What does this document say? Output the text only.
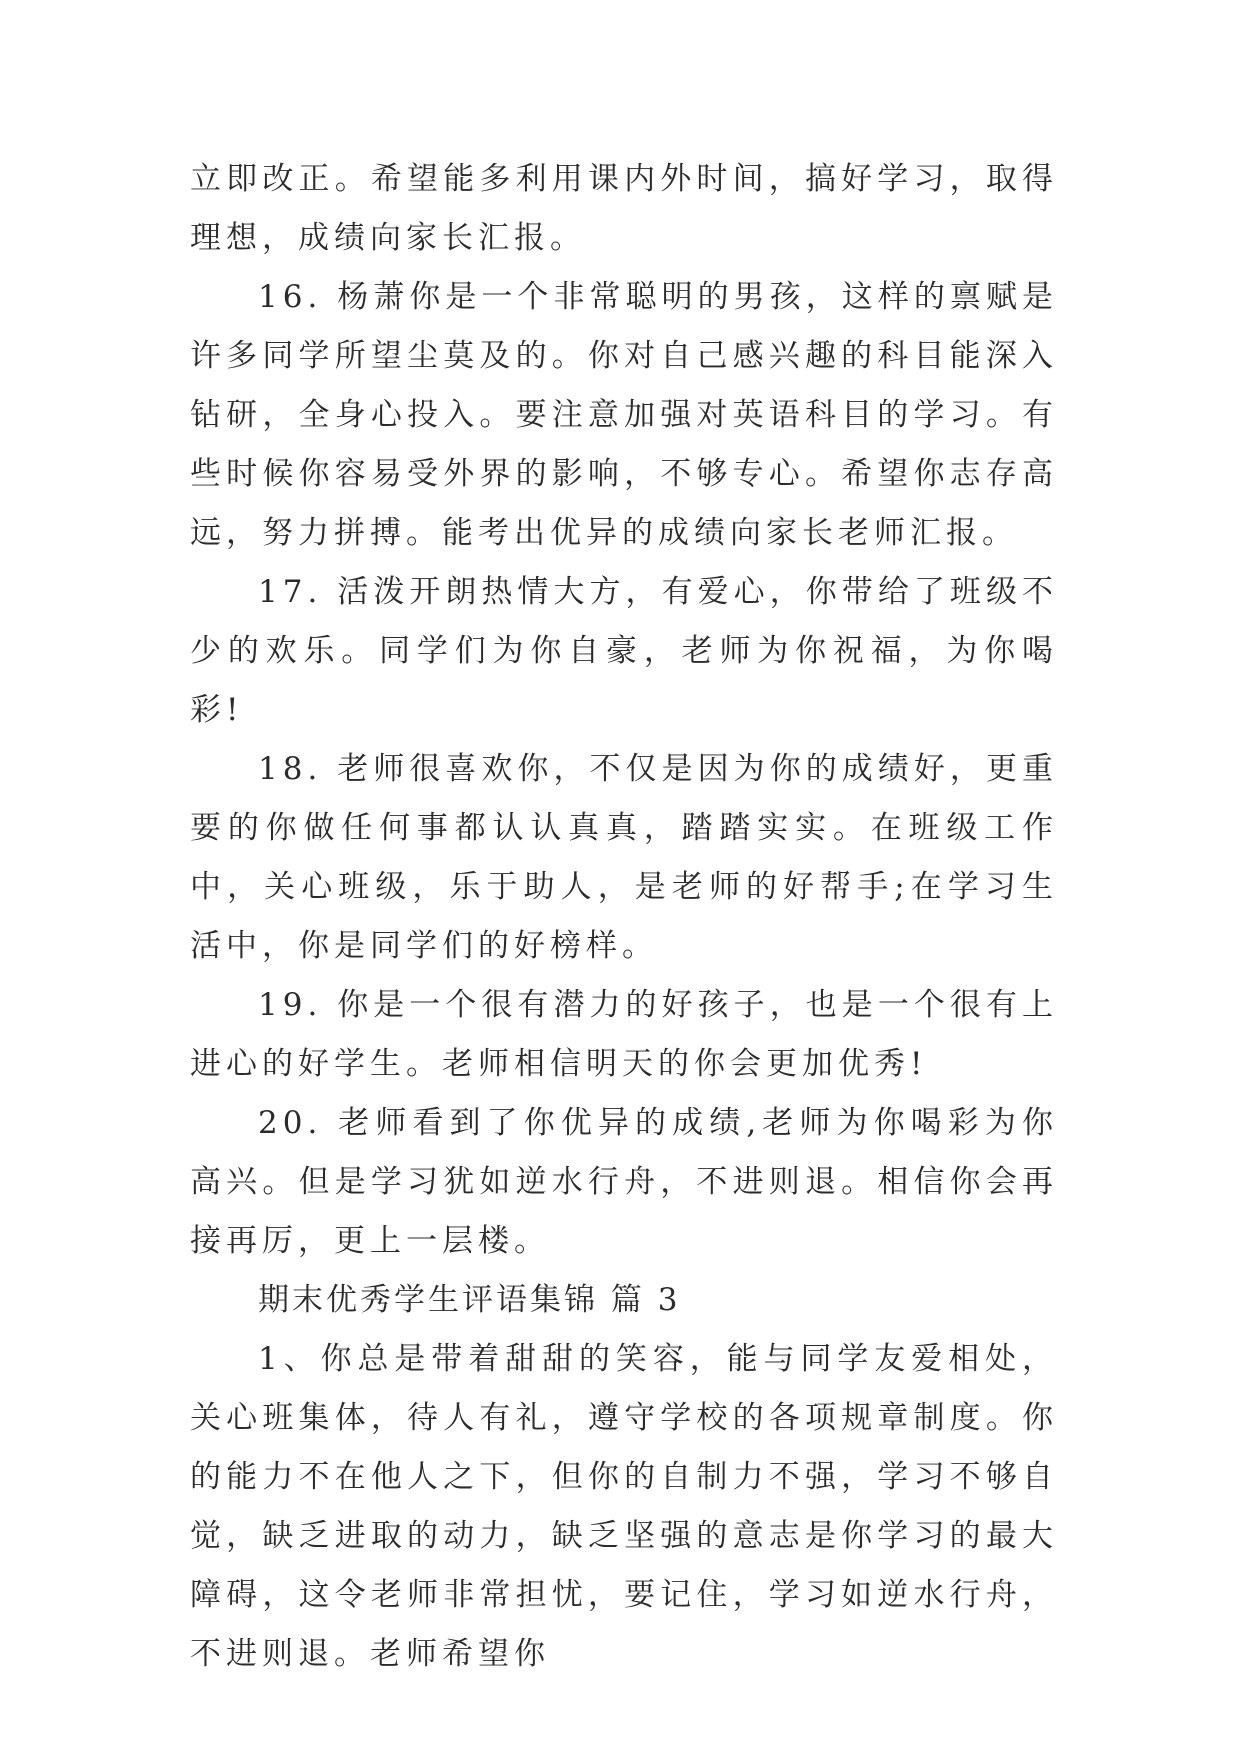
立即改正。希望能多利用课内外时间，搞好学习，取得理想，成绩向家长汇报。

16. 杨萧你是一个非常聪明的男孩，这样的禀赋是许多同学所望尘莫及的。你对自己感兴趣的科目能深入钻研，全身心投入。要注意加强对英语科目的学习。有些时候你容易受外界的影响，不够专心。希望你志存高远，努力拼搏。能考出优异的成绩向家长老师汇报。

17. 活泼开朗热情大方，有爱心，你带给了班级不少的欢乐。同学们为你自豪，老师为你祝福，为你喝彩!

18. 老师很喜欢你，不仅是因为你的成绩好，更重要的你做任何事都认认真真，踏踏实实。在班级工作中，关心班级，乐于助人，是老师的好帮手;在学习生活中，你是同学们的好榜样。

19. 你是一个很有潜力的好孩子，也是一个很有上进心的好学生。老师相信明天的你会更加优秀!

20. 老师看到了你优异的成绩,老师为你喝彩为你高兴。但是学习犹如逆水行舟，不进则退。相信你会再接再厉，更上一层楼。

期末优秀学生评语集锦 篇 3

1、你总是带着甜甜的笑容，能与同学友爱相处，关心班集体，待人有礼，遵守学校的各项规章制度。你的能力不在他人之下，但你的自制力不强，学习不够自觉，缺乏进取的动力，缺乏坚强的意志是你学习的最大障碍，这令老师非常担忧，要记住，学习如逆水行舟，不进则退。老师希望你
